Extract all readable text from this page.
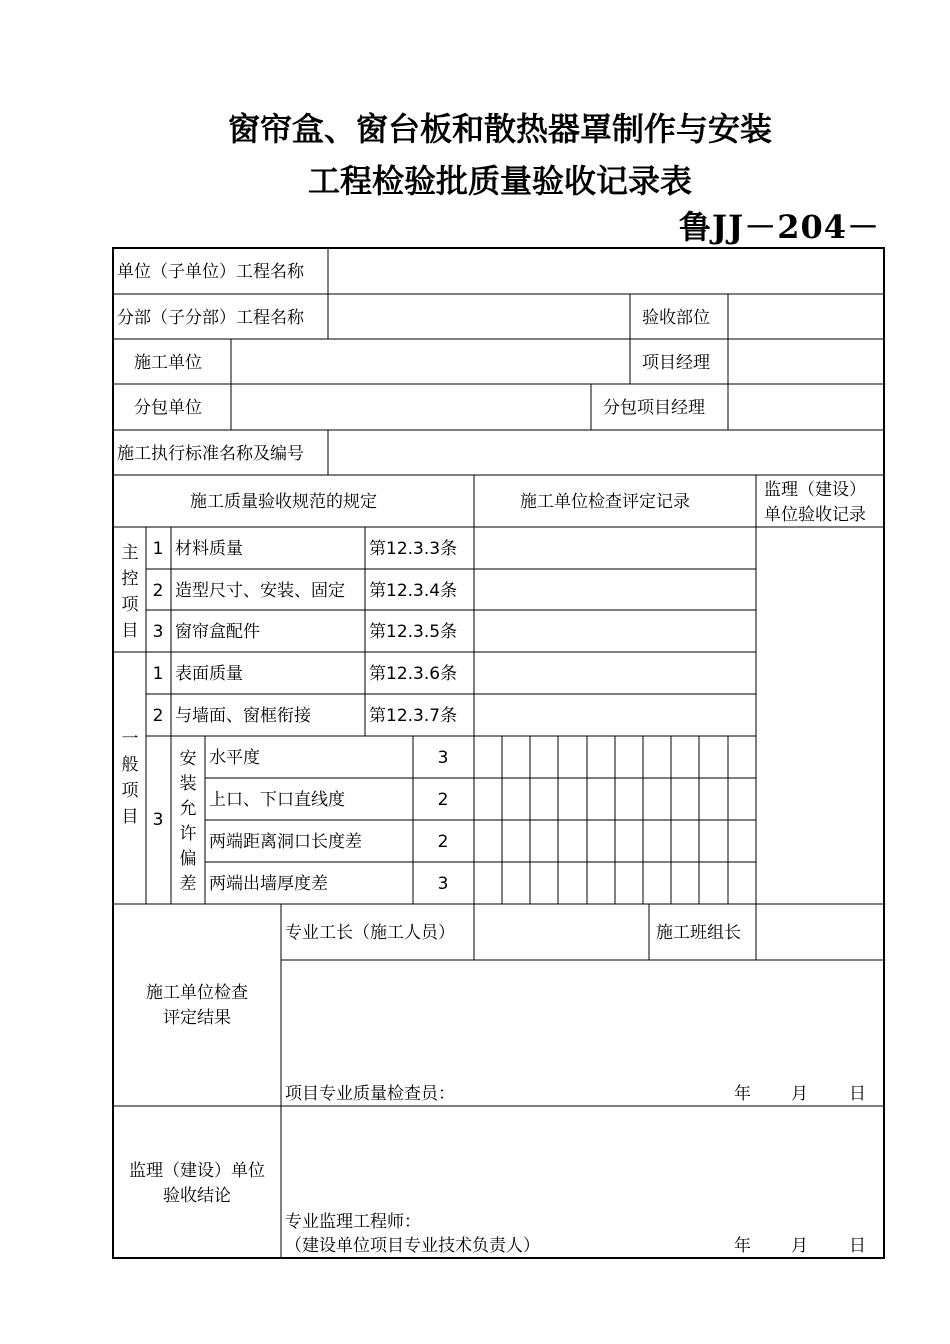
窗帘盒、窗台板和散热器罩制作与安装
工程检验批质量验收记录表
鲁JJ－204－
单位（子单位）工程名称
分部（子分部）工程名称	验收部位
施工单位	项目经理
分包单位	分包项目经理
施工执行标准名称及编号
施工质量验收规范的规定	施工单位检查评定记录
监理（建设）
单位验收记录
主
控
项
目
1 材料质量	第12.3.3条
2 造型尺寸、安装、固定 第12.3.4条
3 窗帘盒配件	第12.3.5条
一
般
项
目
1 表面质量	第12.3.6条
2 与墙面、窗框衔接	第12.3.7条
3
安
装
允
许
偏
差
水平度	3
上口、下口直线度	2
两端距离洞口长度差	2
两端出墙厚度差	3
施工单位检查
评定结果
专业工长（施工人员）	施工班组长
项目专业质量检查员：	年 月 日
监理（建设）单位
验收结论
专业监理工程师：
（建设单位项目专业技术负责人）	年 月 日
